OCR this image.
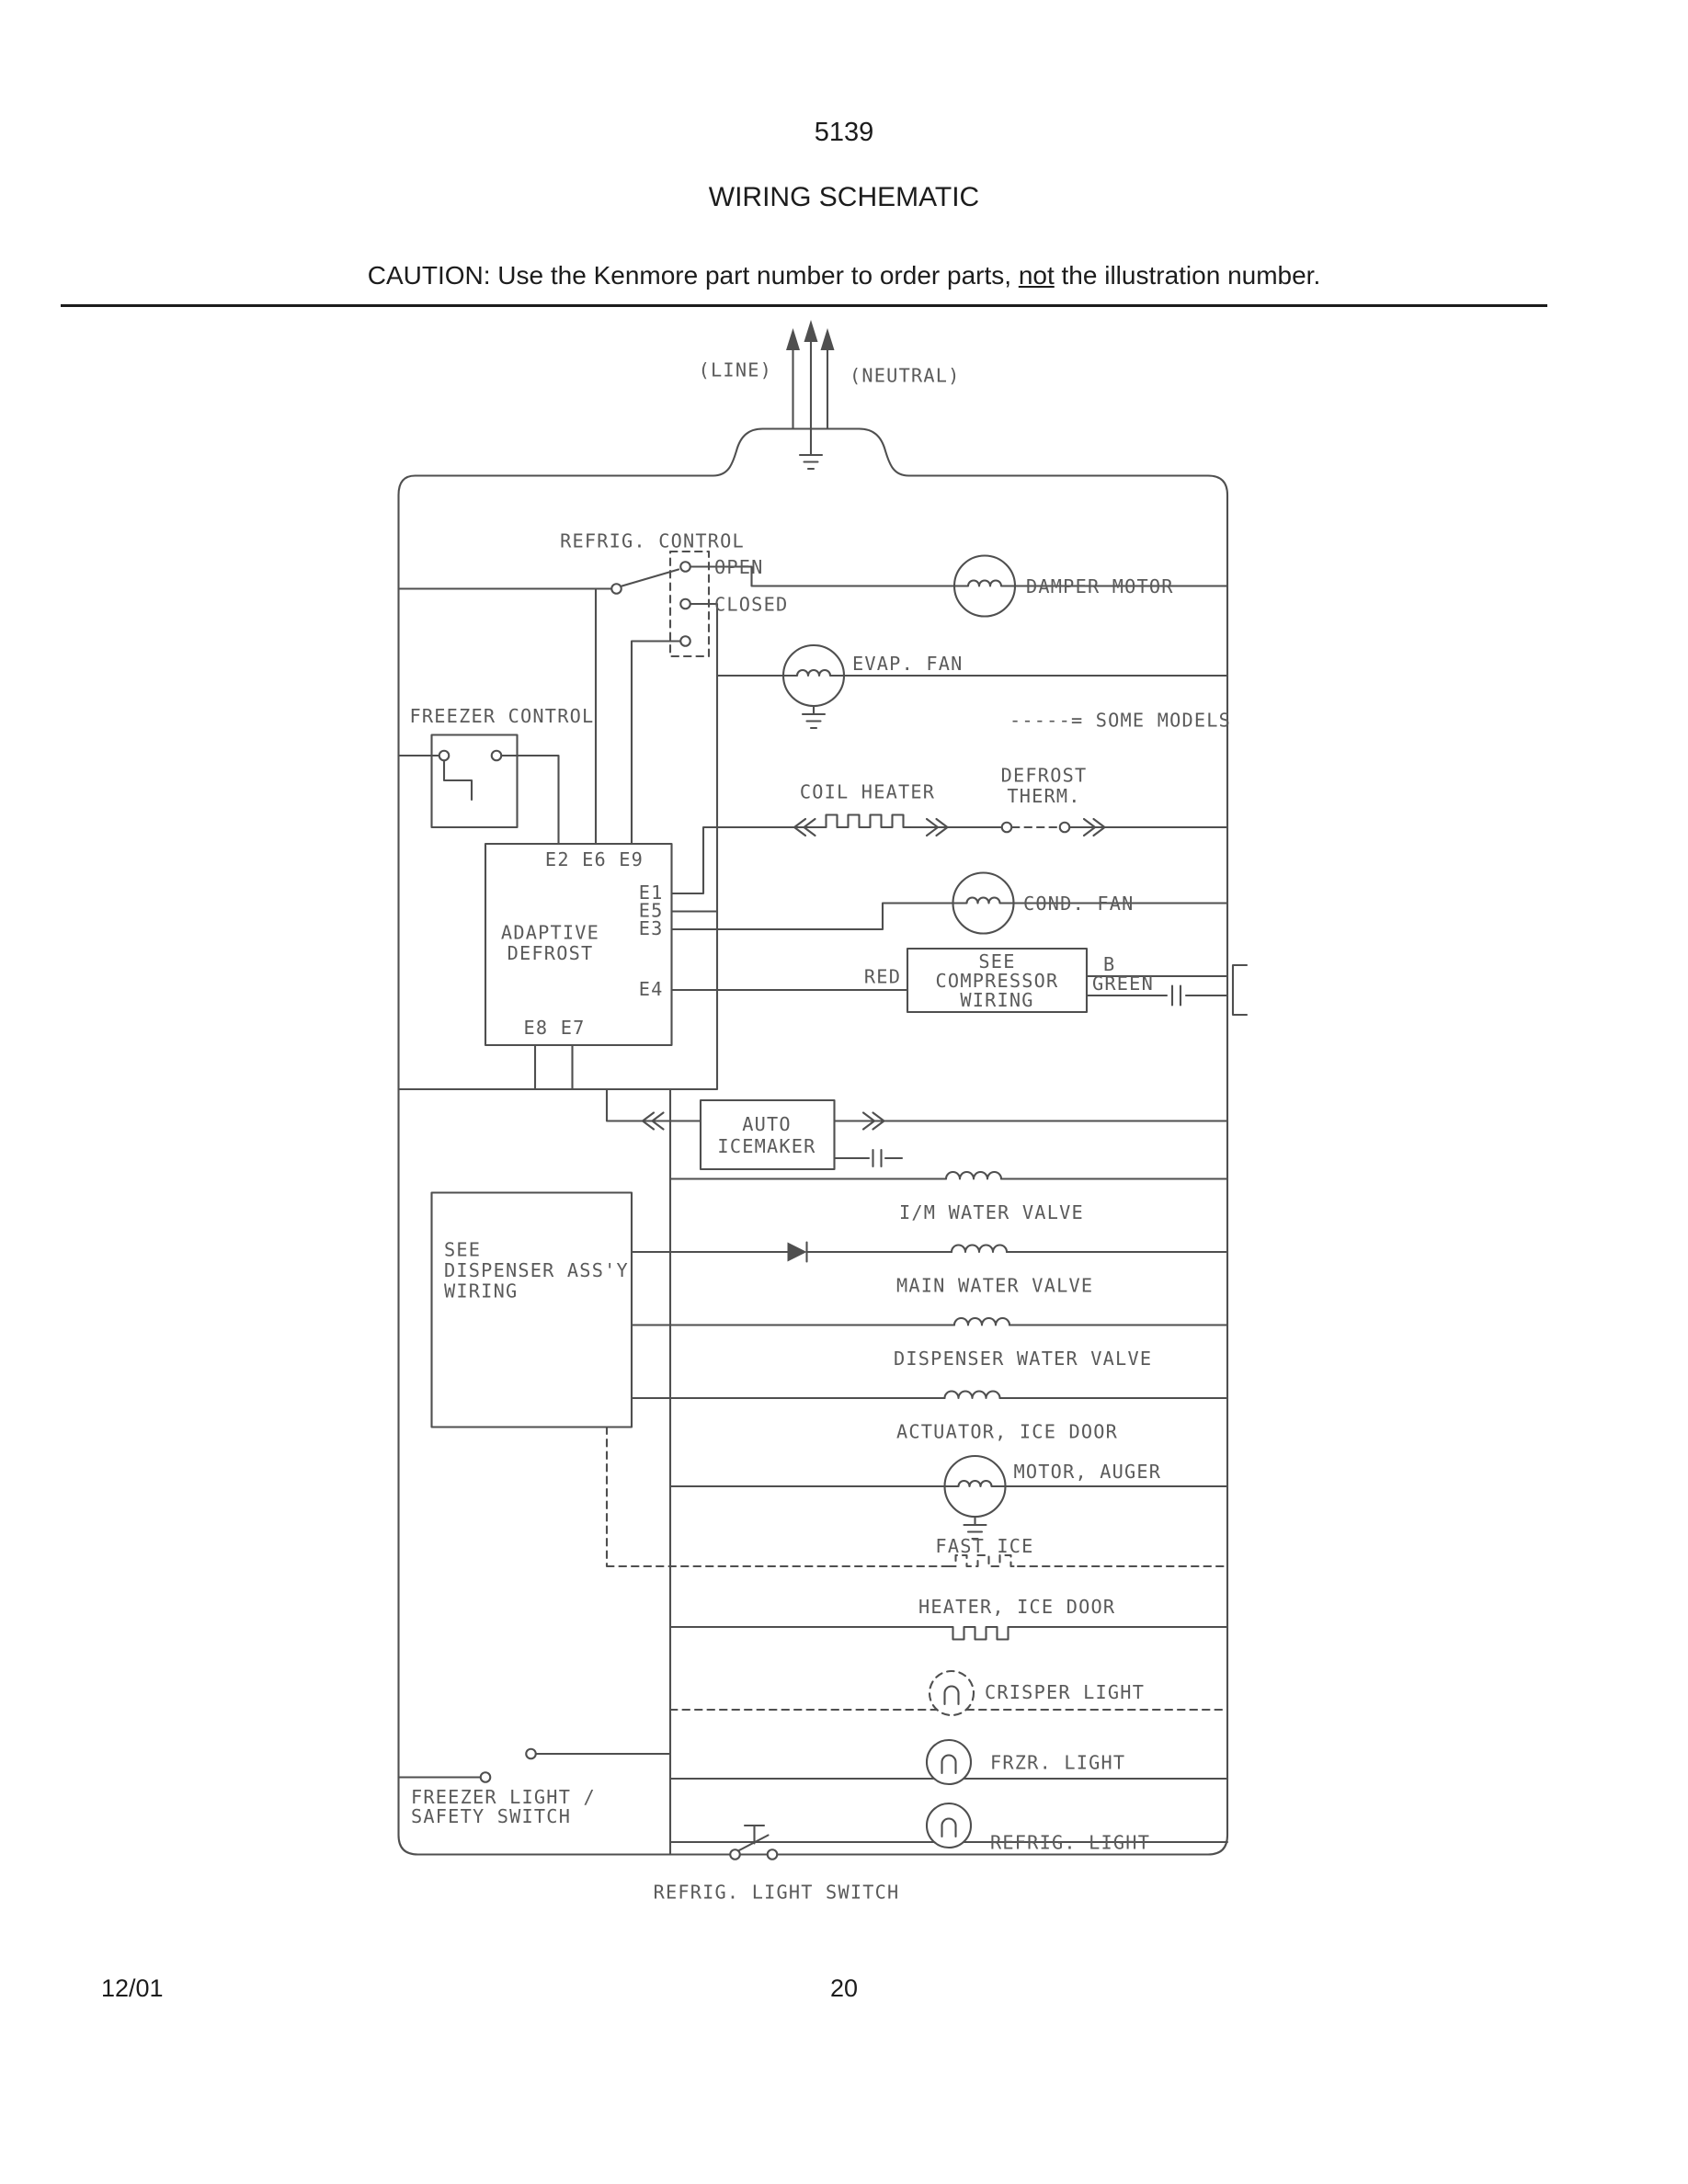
5139
WIRING SCHEMATIC
CAUTION: Use the Kenmore part number to order parts, not the illustration number.
(LINE)	(NEUTRAL)
-----= SOME MODELS
REFRIG. CONTROL
OPEN
CLOSED
DAMPER MOTOR
EVAP. FAN
FREEZER CONTROL
COIL HEATER
DEFROST
THERM.
E2 E6 E9
E1
E5
E3
E4
ADAPTIVE
DEFROST
E8 E7
COND. FAN
SEE
COMPRESSOR
WIRING
RED
B
GREEN
AUTO
ICEMAKER
SEE
DISPENSER ASS'Y
WIRING
I/M WATER VALVE
MAIN WATER VALVE
DISPENSER WATER VALVE
ACTUATOR, ICE DOOR
MOTOR, AUGER
FAST ICE
HEATER, ICE DOOR
CRISPER LIGHT
FRZR. LIGHT
REFRIG. LIGHT
FREEZER LIGHT /
SAFETY SWITCH
REFRIG. LIGHT SWITCH
12/01	20
